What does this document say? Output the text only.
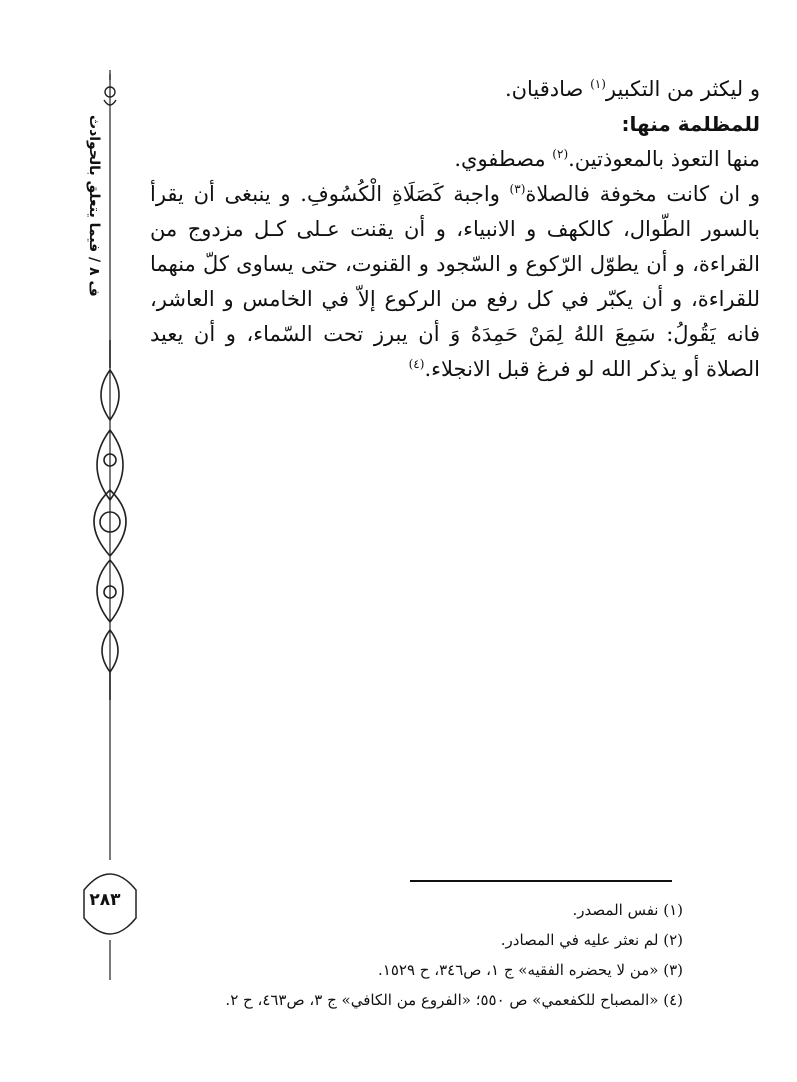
ف ٨ / فيما يتعلق بالحوادث
٢٨٣

و ليكثر من التكبير$^{(١)}$ صادقيان.

للمظلمة منها:

منها التعوذ بالمعوذتين.$^{(٢)}$ مصطفوي.

و ان كانت مخوفة فالصلاة$^{(٣)}$ واجبة كَصَلَاةِ الْكُسُوفِ. و ينبغى أن يقرأ بالسور الطّوال، كالكهف و الانبياء، و أن يقنت عـلى كـل مزدوج من القراءة، و أن يطوّل الرّكوع و السّجود و القنوت، حتى يساوى كلّ منهما للقراءة، و أن يكبّر في كل رفع من الركوع إلاّ في الخامس و العاشر، فانه يَقُولُ: سَمِعَ اللهُ لِمَنْ حَمِدَهُ وَ أن يبرز تحت السّماء، و أن يعيد الصلاة أو يذكر الله لو فرغ قبل الانجلاء.$^{(٤)}$

(١) نفس المصدر.

(٢) لم نعثر عليه في المصادر.

(٣) «من لا يحضره الفقيه» ج ١، ص٣٤٦، ح ١٥٢٩.

(٤) «المصباح للكفعمي» ص ٥٥٠؛ «الفروع من الكافي» ج ٣، ص٤٦٣، ح ٢.
